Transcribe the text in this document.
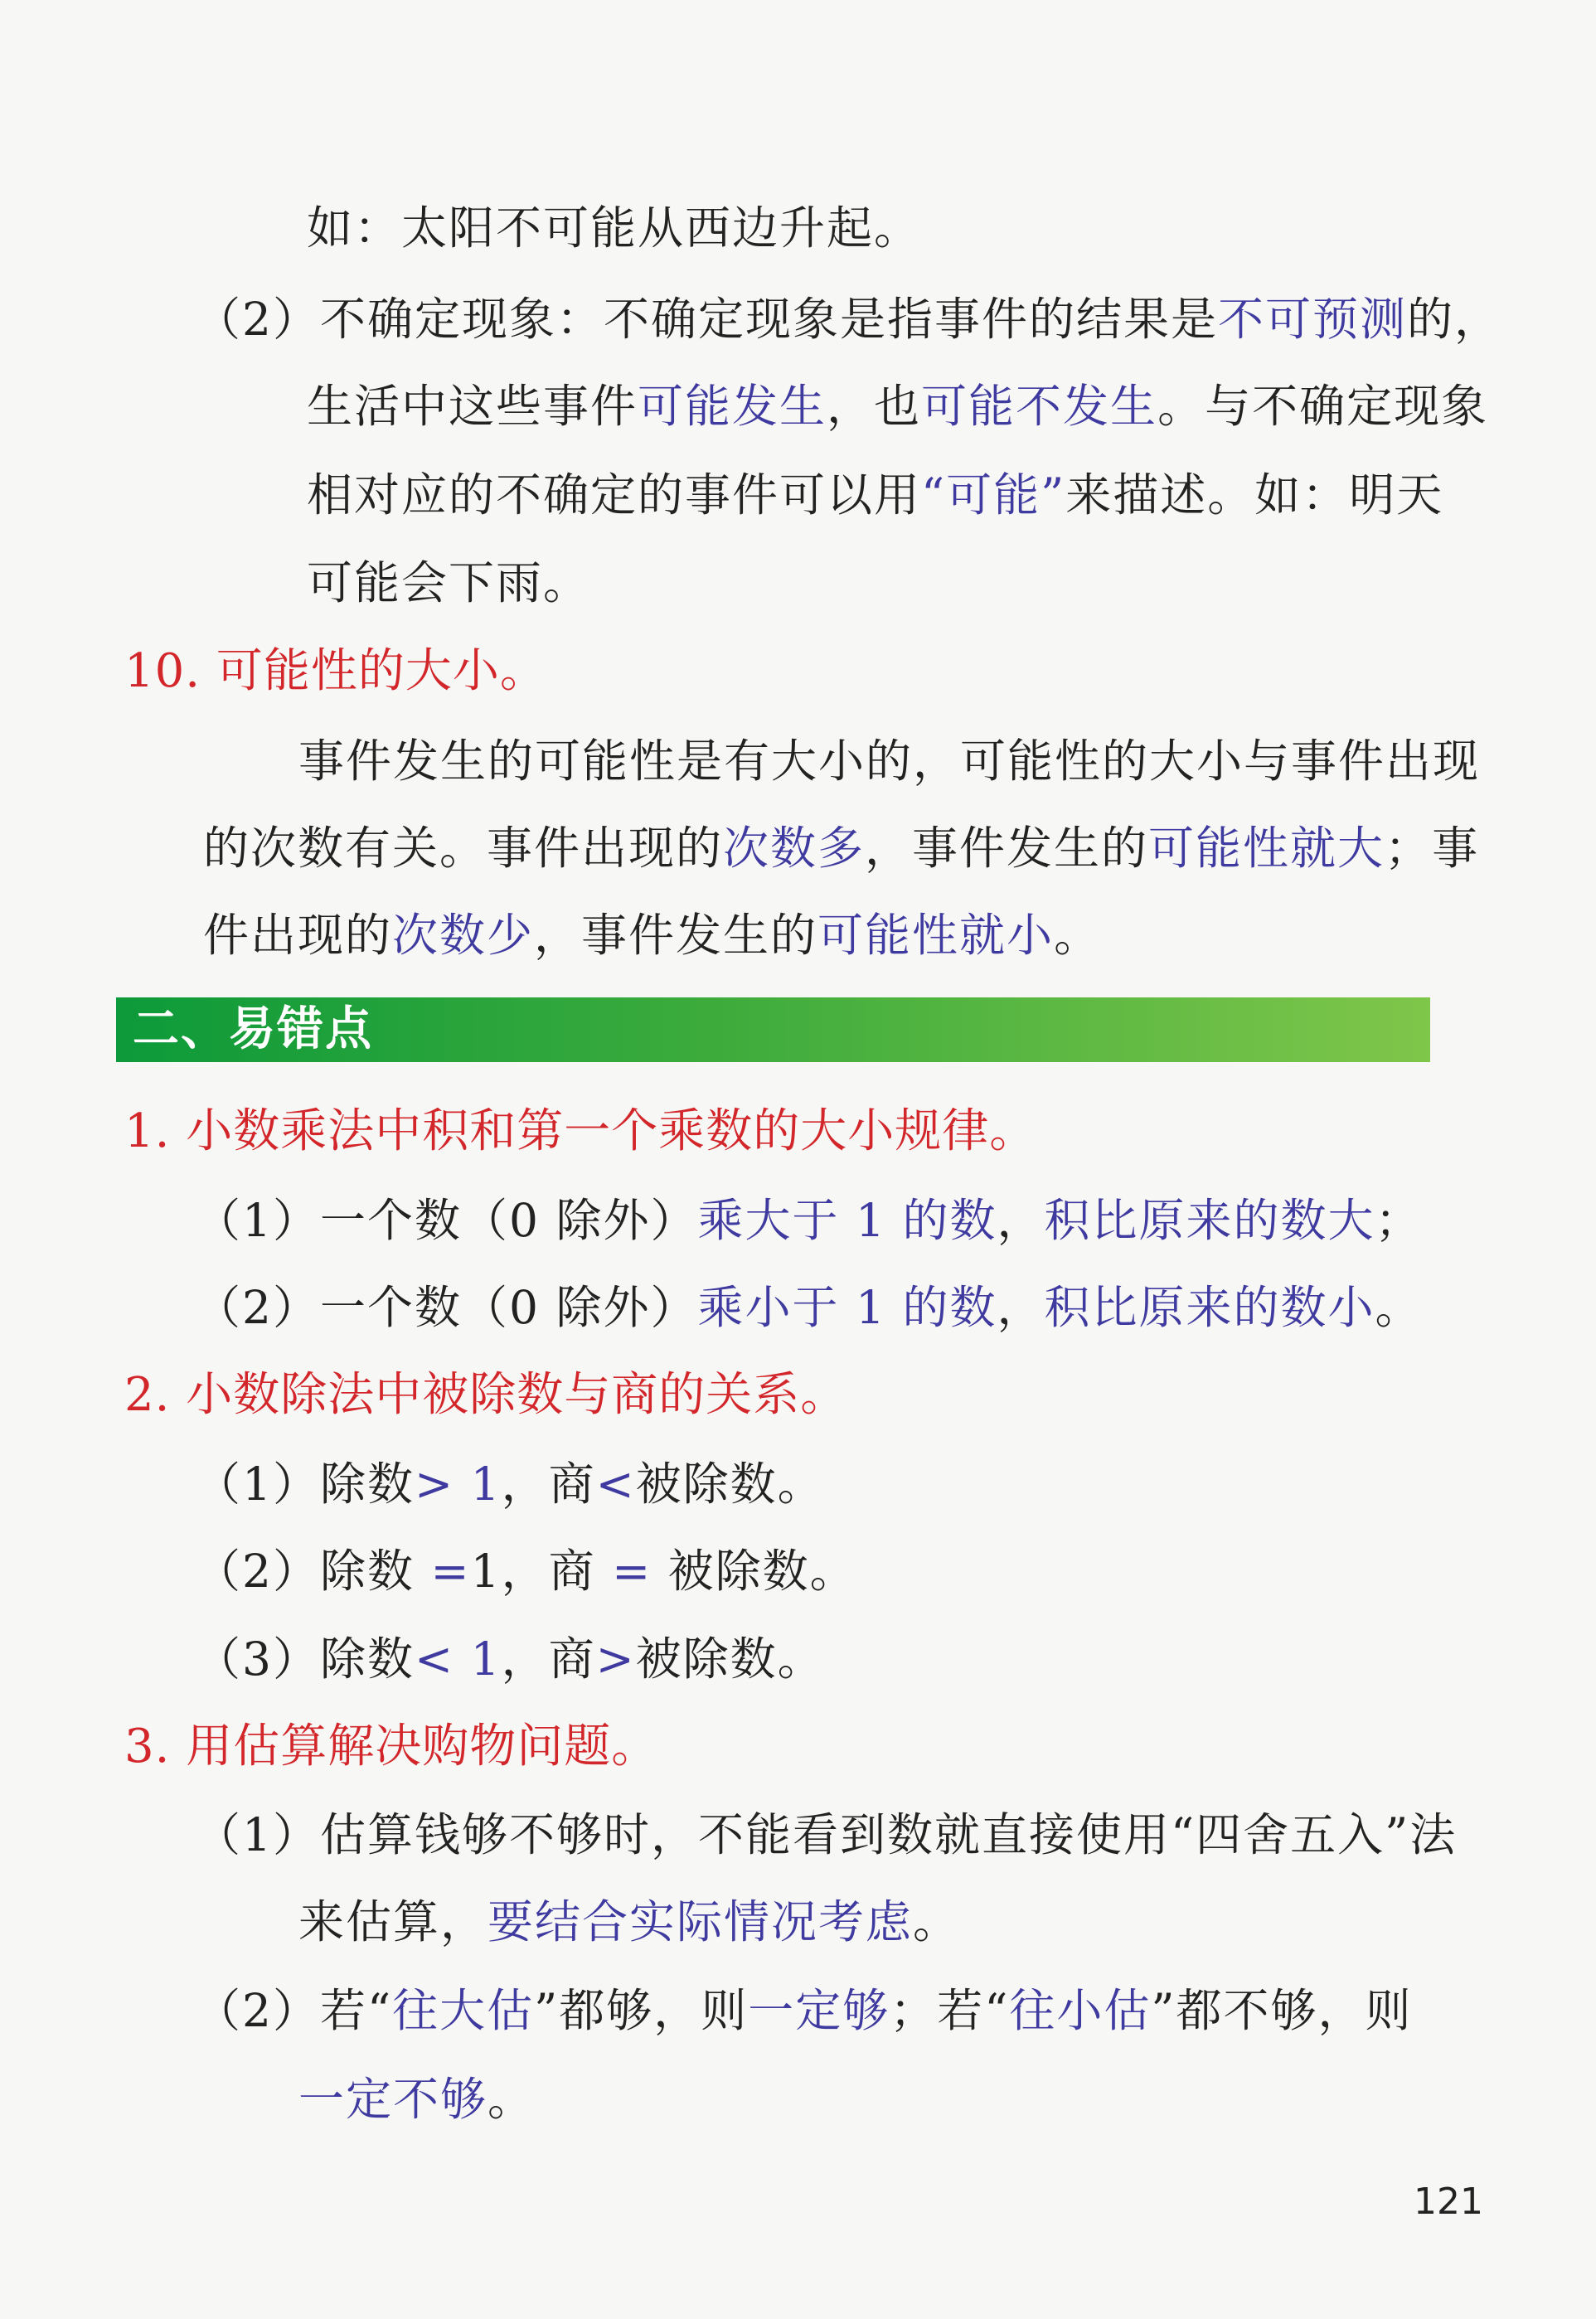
如：太阳不可能从西边升起。
（2）不确定现象：不确定现象是指事件的结果是不可预测的，
生活中这些事件可能发生，也可能不发生。与不确定现象
相对应的不确定的事件可以用“可能”来描述。如：明天
可能会下雨。
10. 可能性的大小。
事件发生的可能性是有大小的，可能性的大小与事件出现
的次数有关。事件出现的次数多，事件发生的可能性就大；事
件出现的次数少，事件发生的可能性就小。
二、易错点
1. 小数乘法中积和第一个乘数的大小规律。
（1）一个数（0 除外）乘大于 1 的数，积比原来的数大；
（2）一个数（0 除外）乘小于 1 的数，积比原来的数小。
2. 小数除法中被除数与商的关系。
（1）除数> 1，商<被除数。
（2）除数 =1，商 = 被除数。
（3）除数< 1，商>被除数。
3. 用估算解决购物问题。
（1）估算钱够不够时，不能看到数就直接使用“四舍五入”法
来估算，要结合实际情况考虑。
（2）若“往大估”都够，则一定够；若“往小估”都不够，则
一定不够。
121
